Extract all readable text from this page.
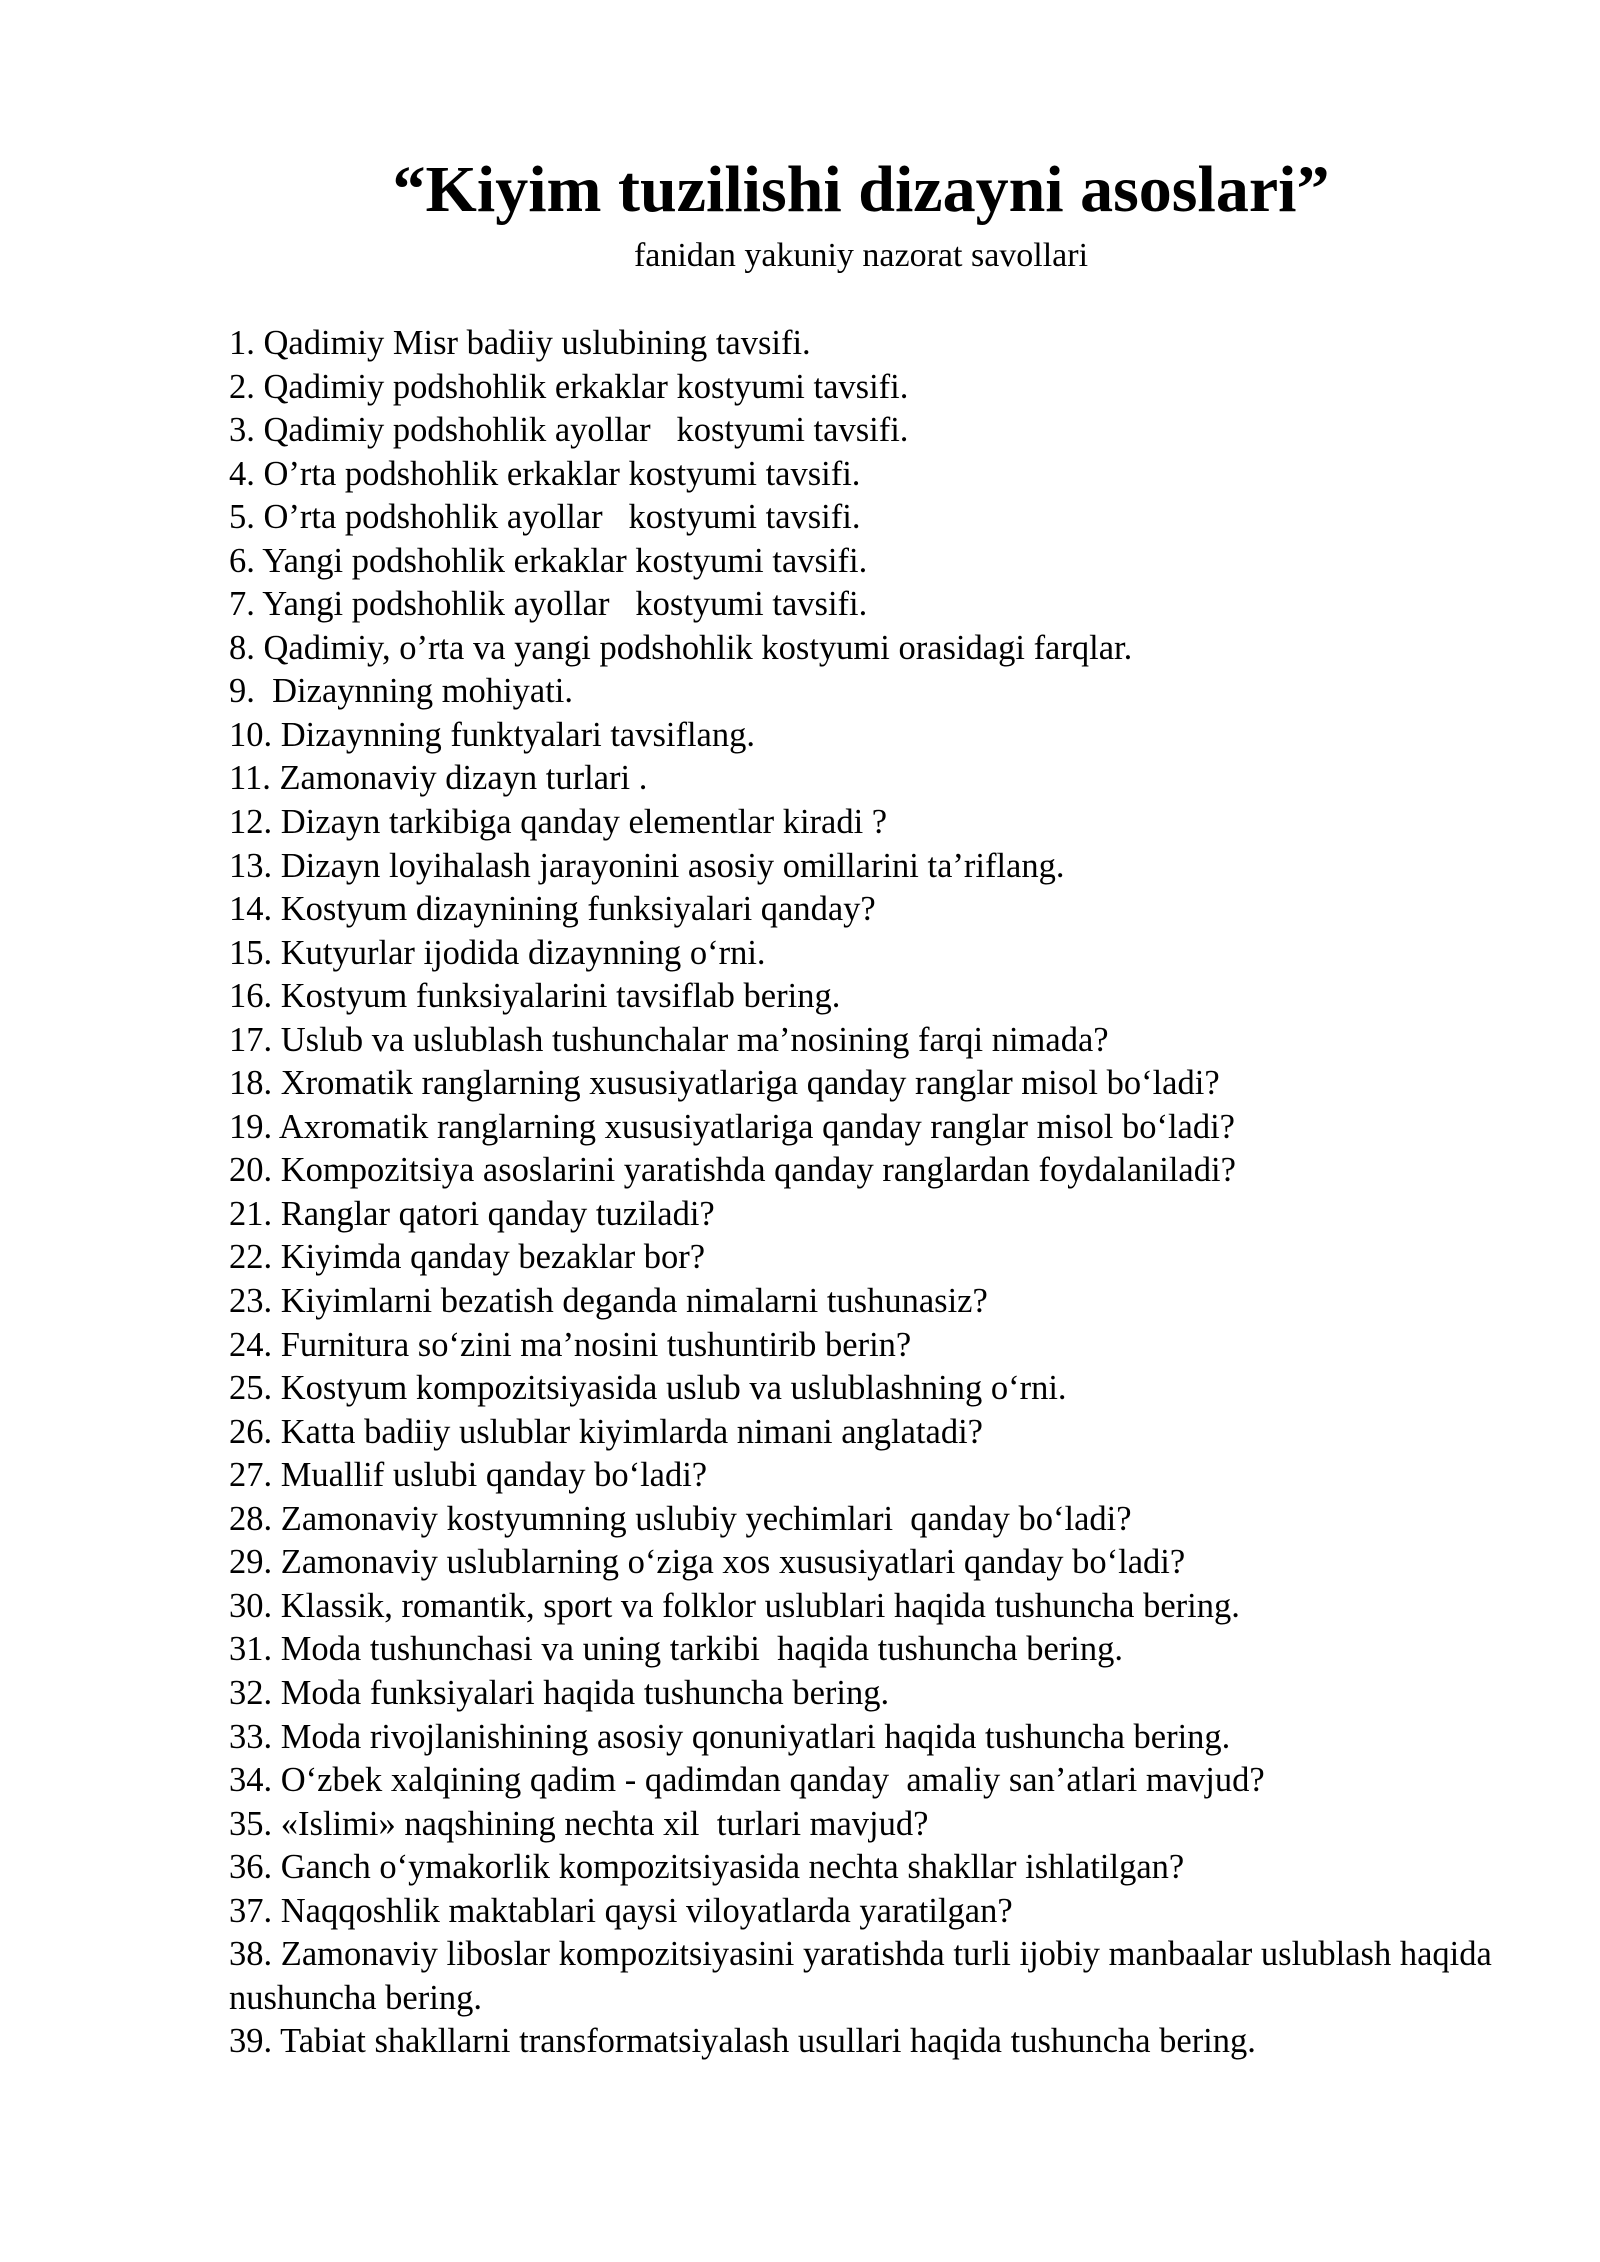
“Kiyim tuzilishi dizayni asoslari”

fanidan yakuniy nazorat savollari

1. Qadimiy Misr badiiy uslubining tavsifi.
2. Qadimiy podshohlik erkaklar kostyumi tavsifi.
3. Qadimiy podshohlik ayollar   kostyumi tavsifi.
4. O’rta podshohlik erkaklar kostyumi tavsifi.
5. O’rta podshohlik ayollar   kostyumi tavsifi.
6. Yangi podshohlik erkaklar kostyumi tavsifi.
7. Yangi podshohlik ayollar   kostyumi tavsifi.
8. Qadimiy, o’rta va yangi podshohlik kostyumi orasidagi farqlar.
9.  Dizaynning mohiyati.
10. Dizaynning funktyalari tavsiflang.
11. Zamonaviy dizayn turlari .
12. Dizayn tarkibiga qanday elementlar kiradi ?
13. Dizayn loyihalash jarayonini asosiy omillarini ta’riflang.
14. Kostyum dizaynining funksiyalari qanday?
15. Kutyurlar ijodida dizaynning o‘rni.
16. Kostyum funksiyalarini tavsiflab bering.
17. Uslub va uslublash tushunchalar ma’nosining farqi nimada?
18. Xromatik ranglarning xususiyatlariga qanday ranglar misol bo‘ladi?
19. Axromatik ranglarning xususiyatlariga qanday ranglar misol bo‘ladi?
20. Kompozitsiya asoslarini yaratishda qanday ranglardan foydalaniladi?
21. Ranglar qatori qanday tuziladi?
22. Kiyimda qanday bezaklar bor?
23. Kiyimlarni bezatish deganda nimalarni tushunasiz?
24. Furnitura so‘zini ma’nosini tushuntirib berin?
25. Kostyum kompozitsiyasida uslub va uslublashning o‘rni.
26. Katta badiiy uslublar kiyimlarda nimani anglatadi?
27. Muallif uslubi qanday bo‘ladi?
28. Zamonaviy kostyumning uslubiy yechimlari  qanday bo‘ladi?
29. Zamonaviy uslublarning o‘ziga xos xususiyatlari qanday bo‘ladi?
30. Klassik, romantik, sport va folklor uslublari haqida tushuncha bering.
31. Moda tushunchasi va uning tarkibi  haqida tushuncha bering.
32. Moda funksiyalari haqida tushuncha bering.
33. Moda rivojlanishining asosiy qonuniyatlari haqida tushuncha bering.
34. O‘zbek xalqining qadim - qadimdan qanday  amaliy san’atlari mavjud?
35. «Islimi» naqshining nechta xil  turlari mavjud?
36. Ganch o‘ymakorlik kompozitsiyasida nechta shakllar ishlatilgan?
37. Naqqoshlik maktablari qaysi viloyatlarda yaratilgan?
38. Zamonaviy liboslar kompozitsiyasini yaratishda turli ijobiy manbaalar uslublash haqida nushuncha bering.
39. Tabiat shakllarni transformatsiyalash usullari haqida tushuncha bering.
